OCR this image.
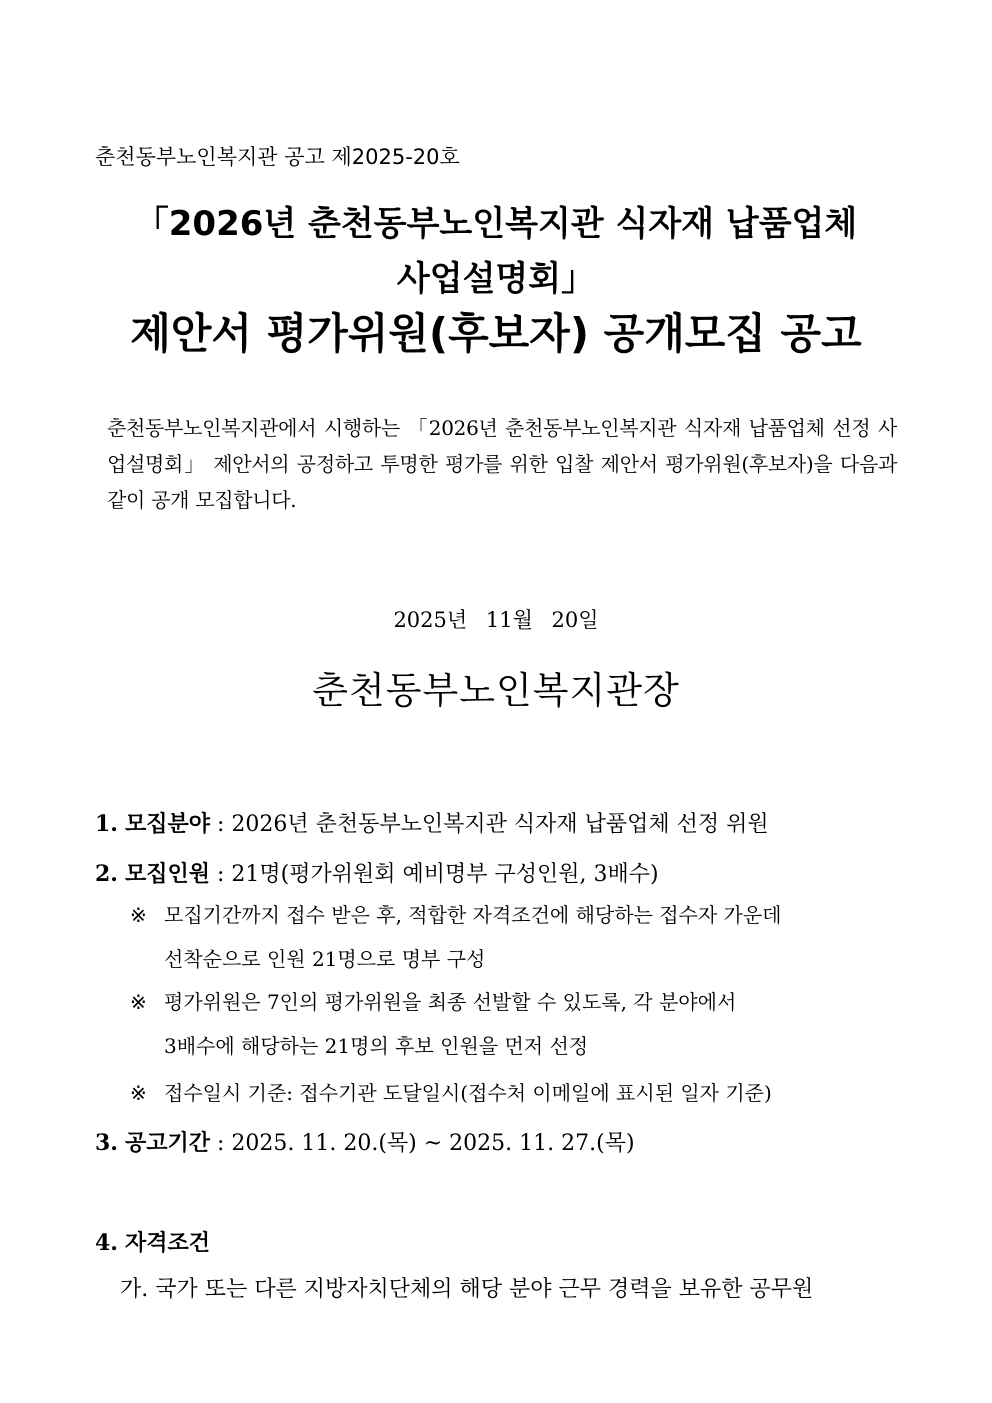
춘천동부노인복지관 공고 제2025-20호
「2026년 춘천동부노인복지관 식자재 납품업체
사업설명회」
제안서 평가위원(후보자) 공개모집 공고
춘천동부노인복지관에서 시행하는 「2026년 춘천동부노인복지관 식자재 납품업체 선정 사업설명회」 제안서의 공정하고 투명한 평가를 위한 입찰 제안서 평가위원(후보자)을 다음과 같이 공개 모집합니다.
2025년 11월 20일
춘천동부노인복지관장
1. 모집분야 : 2026년 춘천동부노인복지관 식자재 납품업체 선정 위원
2. 모집인원 : 21명(평가위원회 예비명부 구성인원, 3배수)
※ 모집기간까지 접수 받은 후, 적합한 자격조건에 해당하는 접수자 가운데
선착순으로 인원 21명으로 명부 구성
※ 평가위원은 7인의 평가위원을 최종 선발할 수 있도록, 각 분야에서
3배수에 해당하는 21명의 후보 인원을 먼저 선정
※ 접수일시 기준: 접수기관 도달일시(접수처 이메일에 표시된 일자 기준)
3. 공고기간 : 2025. 11. 20.(목) ~ 2025. 11. 27.(목)
4. 자격조건
가. 국가 또는 다른 지방자치단체의 해당 분야 근무 경력을 보유한 공무원
